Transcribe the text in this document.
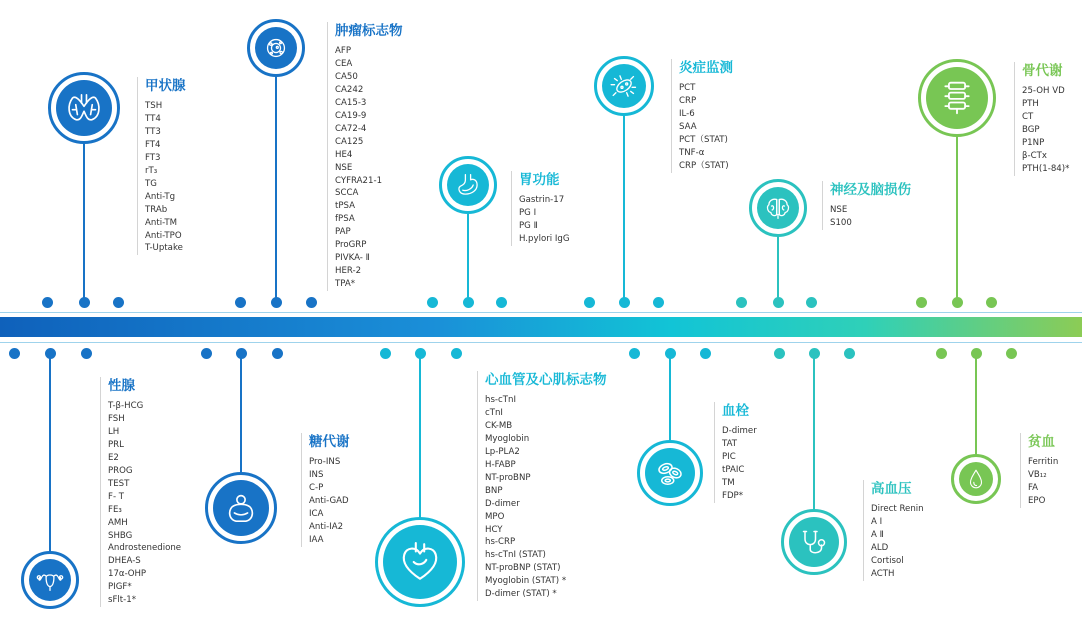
甲状腺
TSH
TT4
TT3
FT4
FT3
rT₃
TG
Anti-Tg
TRAb
Anti-TM
Anti-TPO
T-Uptake
肿瘤标志物
AFP
CEA
CA50
CA242
CA15-3
CA19-9
CA72-4
CA125
HE4
NSE
CYFRA21-1
SCCA
tPSA
fPSA
PAP
ProGRP
PIVKA- Ⅱ
HER-2
TPA*
胃功能
Gastrin-17
PG Ⅰ
PG Ⅱ
H.pylori IgG
炎症监测
PCT
CRP
IL-6
SAA
PCT（STAT)
TNF-α
CRP（STAT)
神经及脑损伤
NSE
S100
骨代谢
25-OH VD
PTH
CT
BGP
P1NP
β-CTx
PTH(1-84)*
性腺
T-β-HCG
FSH
LH
PRL
E2
PROG
TEST
F- T
FE₃
AMH
SHBG
Androstenedione
DHEA-S
17α-OHP
PIGF*
sFlt-1*
糖代谢
Pro-INS
INS
C-P
Anti-GAD
ICA
Anti-IA2
IAA
心血管及心肌标志物
hs-cTnI
cTnI
CK-MB
Myoglobin
Lp-PLA2
H-FABP
NT-proBNP
BNP
D-dimer
MPO
HCY
hs-CRP
hs-cTnI (STAT)
NT-proBNP (STAT)
Myoglobin (STAT) *
D-dimer (STAT) *
血栓
D-dimer
TAT
PIC
tPAIC
TM
FDP*	高血压
Direct Renin
A Ⅰ
A Ⅱ
ALD
Cortisol
ACTH
贫血
Ferritin
VB₁₂
FA
EPO
